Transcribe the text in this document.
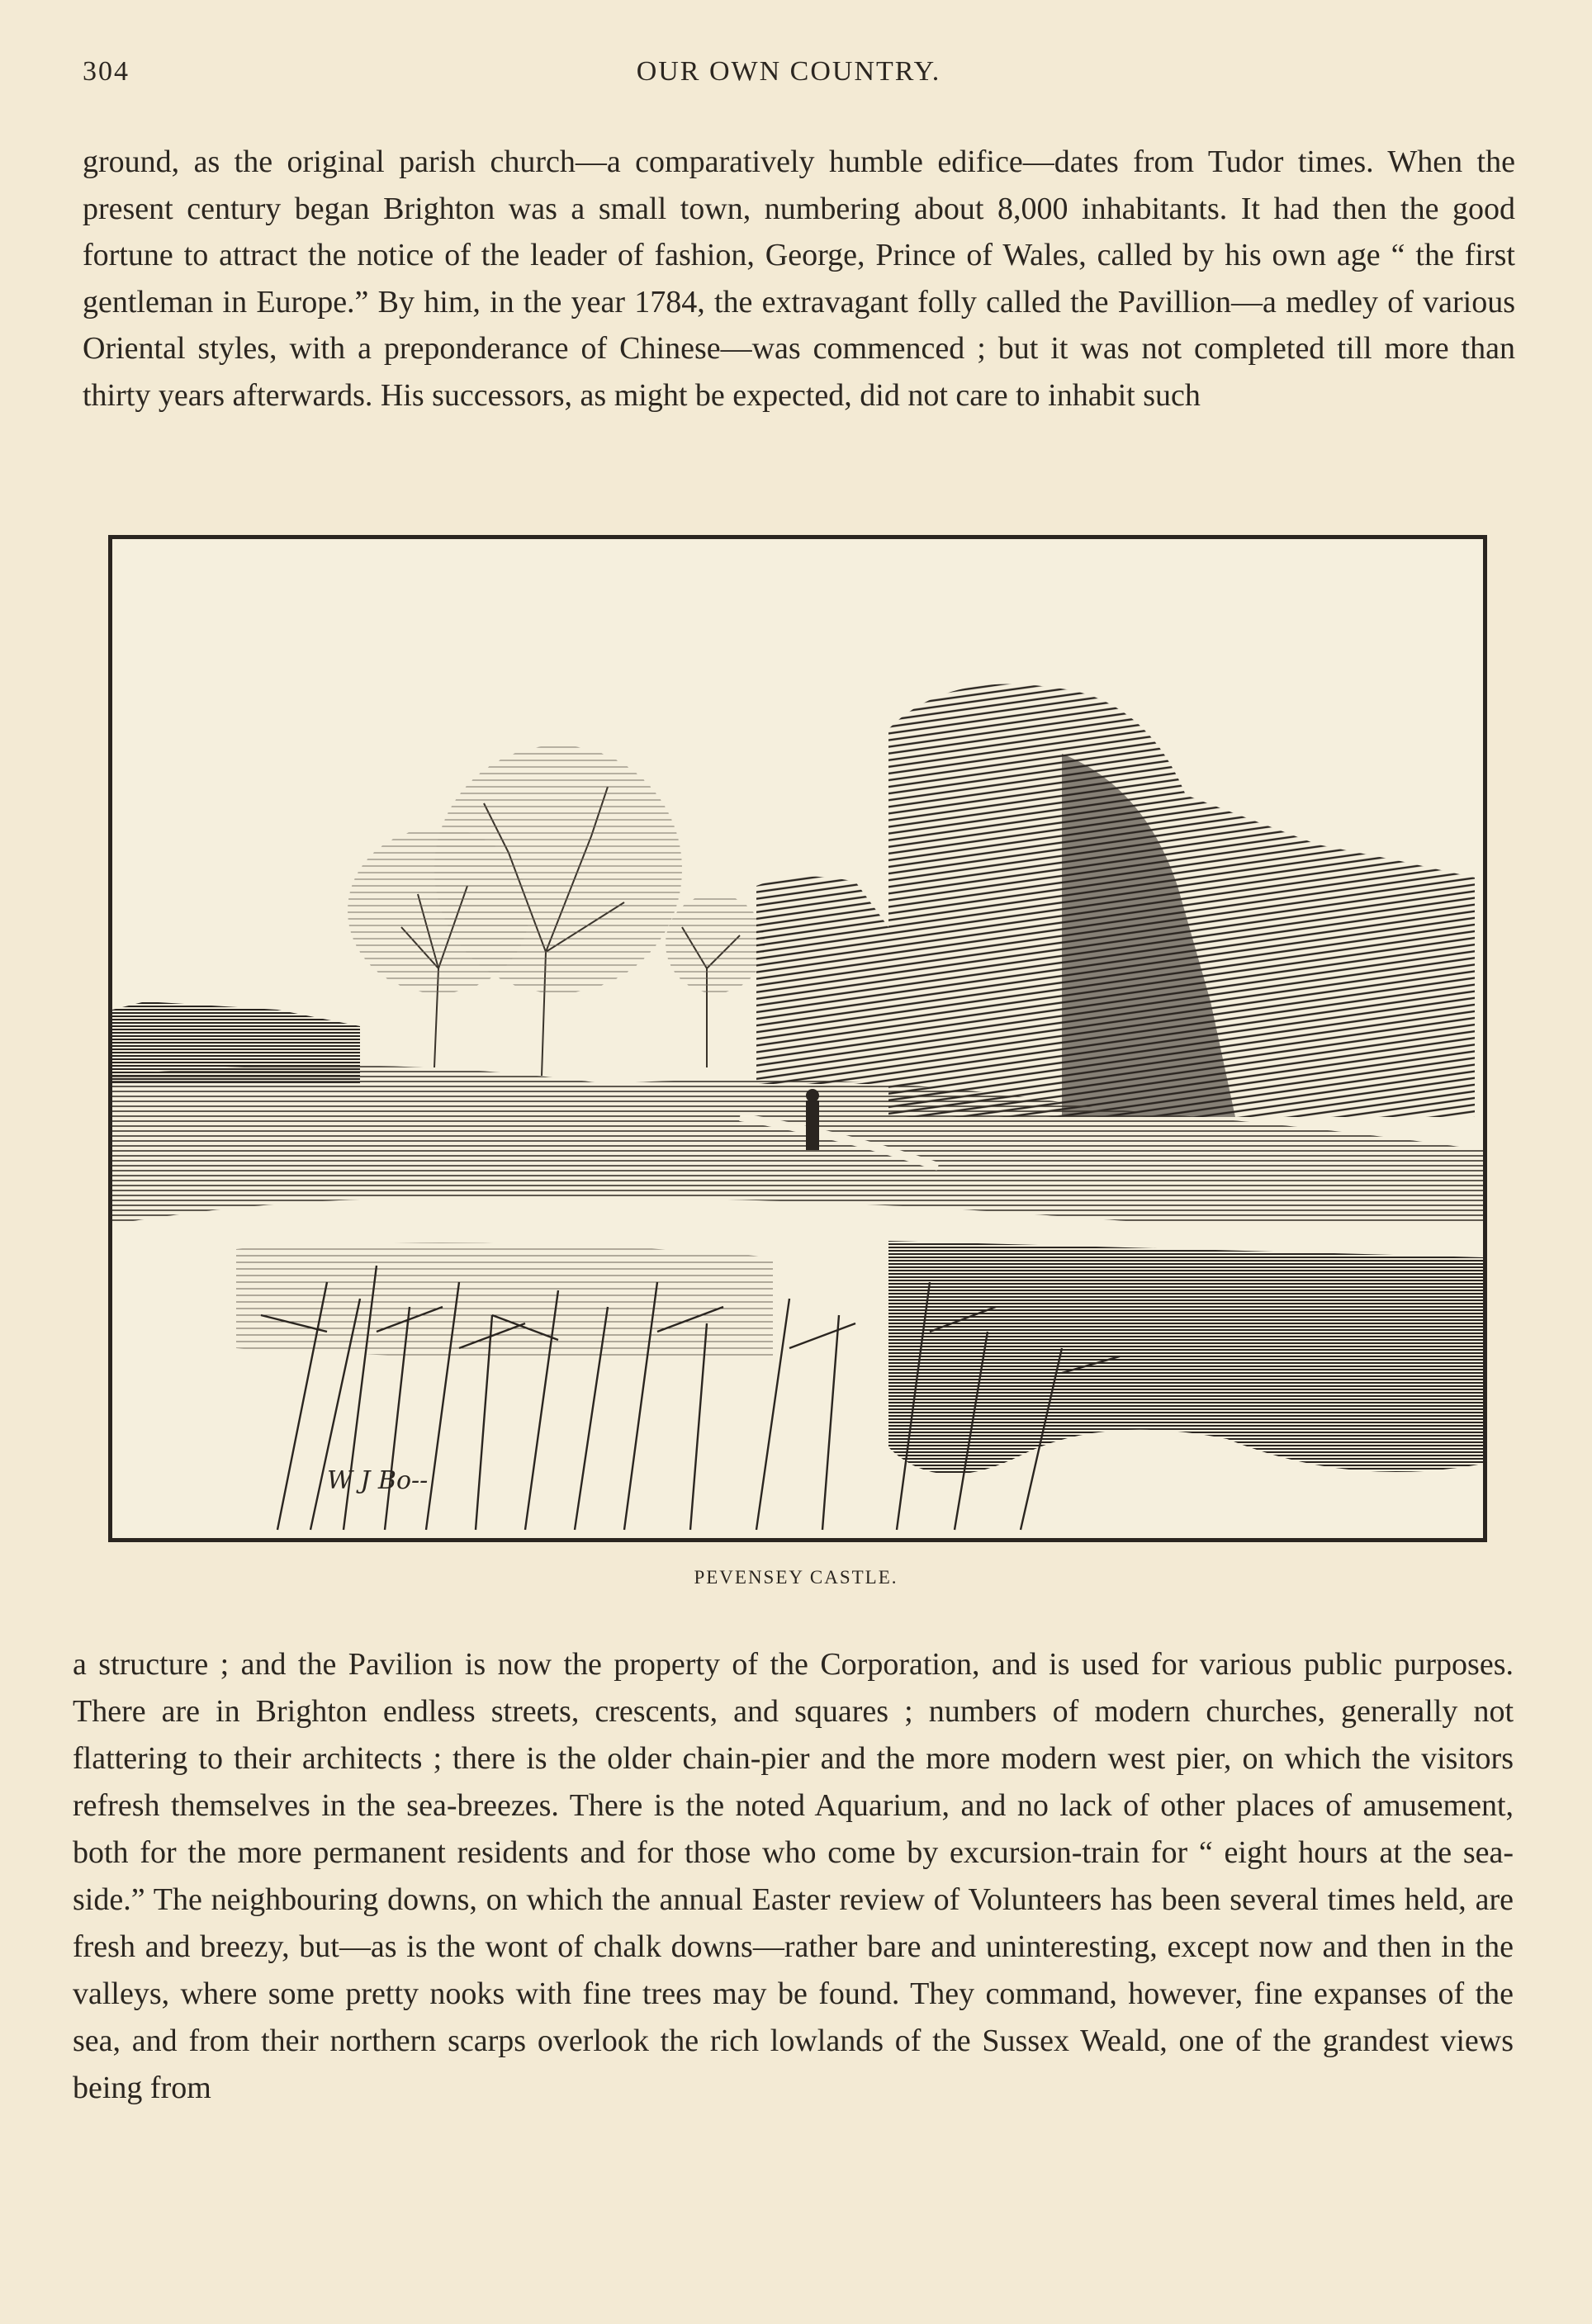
304	OUR OWN COUNTRY.

ground, as the original parish church—a comparatively humble edifice—dates from Tudor times. When the present century began Brighton was a small town, numbering about 8,000 inhabitants. It had then the good fortune to attract the notice of the leader of fashion, George, Prince of Wales, called by his own age “ the first gentleman in Europe.” By him, in the year 1784, the extravagant folly called the Pavillion—a medley of various Oriental styles, with a preponderance of Chinese—was commenced ; but it was not completed till more than thirty years afterwards. His successors, as might be expected, did not care to inhabit such

W J Bo--
PEVENSEY CASTLE.

a structure ; and the Pavilion is now the property of the Corporation, and is used for various public purposes. There are in Brighton endless streets, crescents, and squares ; numbers of modern churches, generally not flattering to their architects ; there is the older chain-pier and the more modern west pier, on which the visitors refresh themselves in the sea-breezes. There is the noted Aquarium, and no lack of other places of amusement, both for the more permanent residents and for those who come by excursion-train for “ eight hours at the sea-side.” The neighbouring downs, on which the annual Easter review of Volunteers has been several times held, are fresh and breezy, but—as is the wont of chalk downs—rather bare and uninteresting, except now and then in the valleys, where some pretty nooks with fine trees may be found. They command, however, fine expanses of the sea, and from their northern scarps overlook the rich lowlands of the Sussex Weald, one of the grandest views being from
